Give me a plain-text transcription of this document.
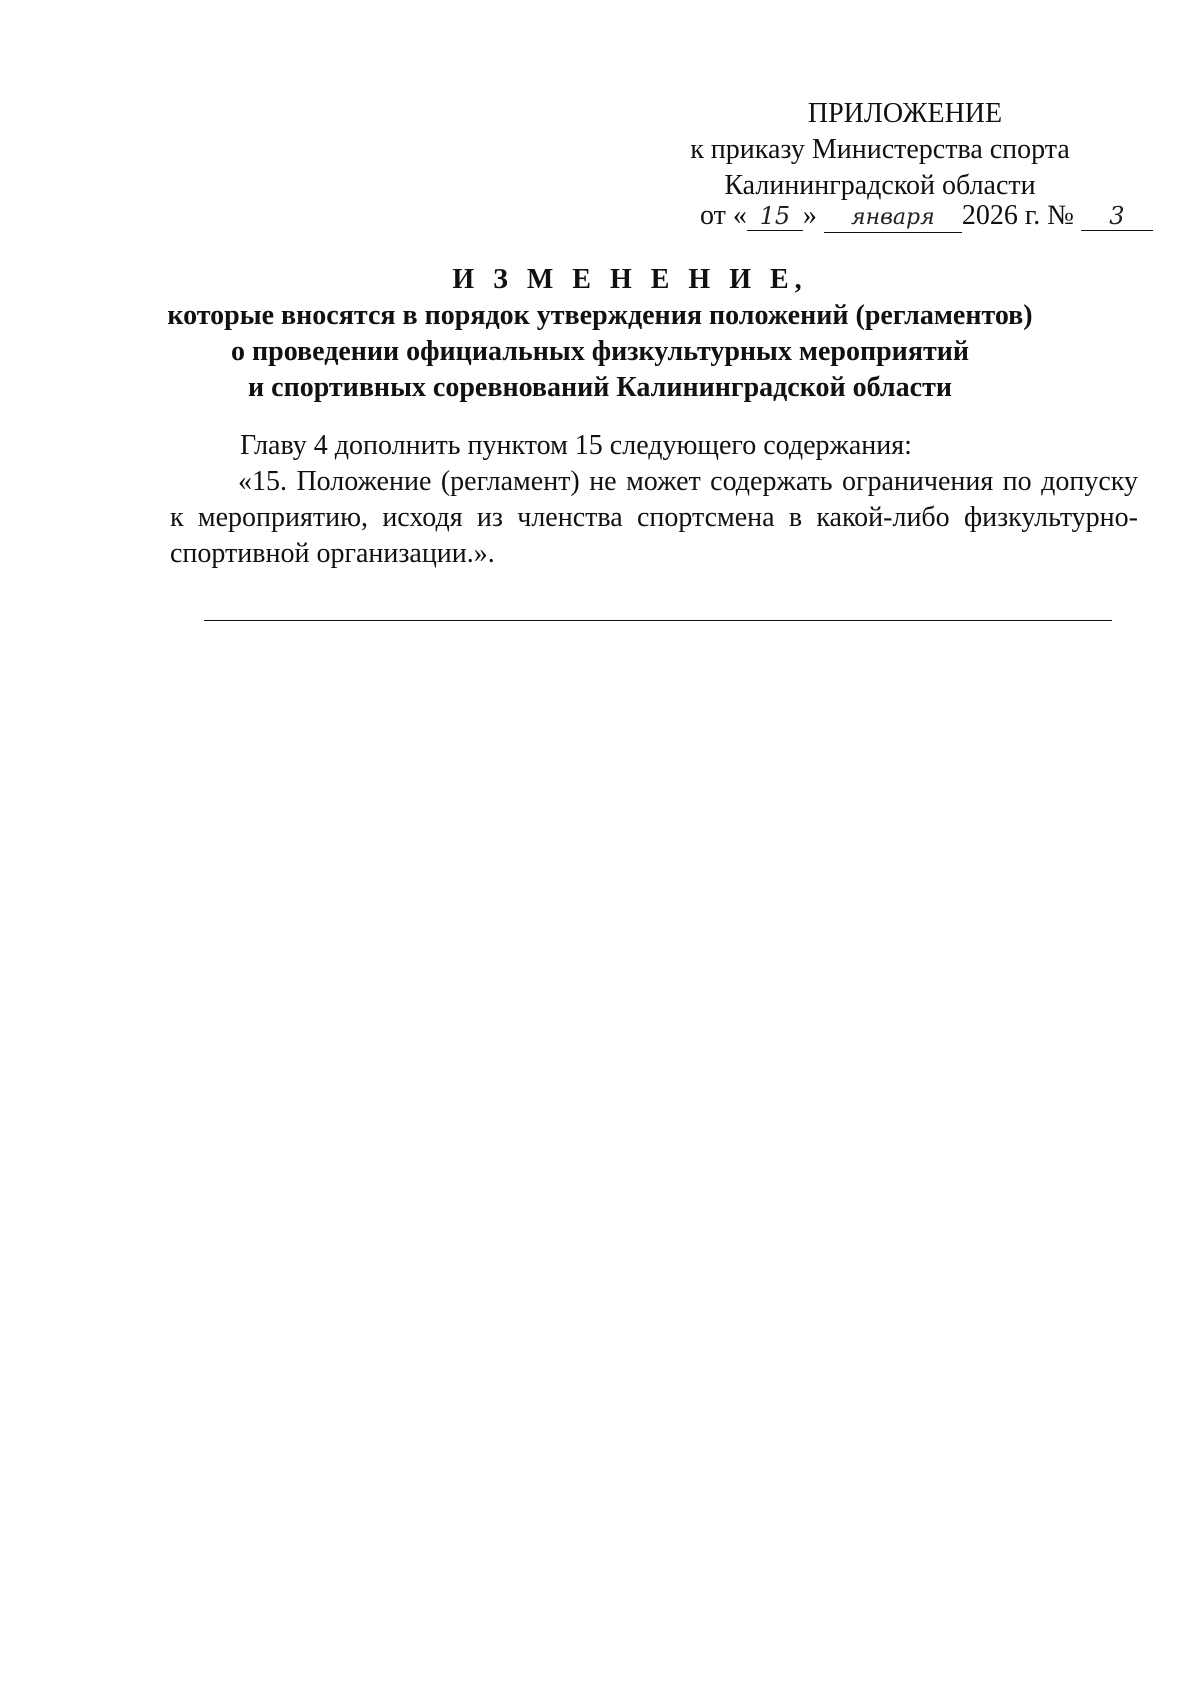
ПРИЛОЖЕНИЕ
к приказу Министерства спорта
Калининградской области
от « 15 » января 2026 г. № 3
И З М Е Н Е Н И Е,
которые вносятся в порядок утверждения положений (регламентов)
о проведении официальных физкультурных мероприятий
и спортивных соревнований Калининградской области

Главу 4 дополнить пунктом 15 следующего содержания:

«15. Положение (регламент) не может содержать ограничения по допуску к мероприятию, исходя из членства спортсмена в какой-либо физкультурно-спортивной организации.».
